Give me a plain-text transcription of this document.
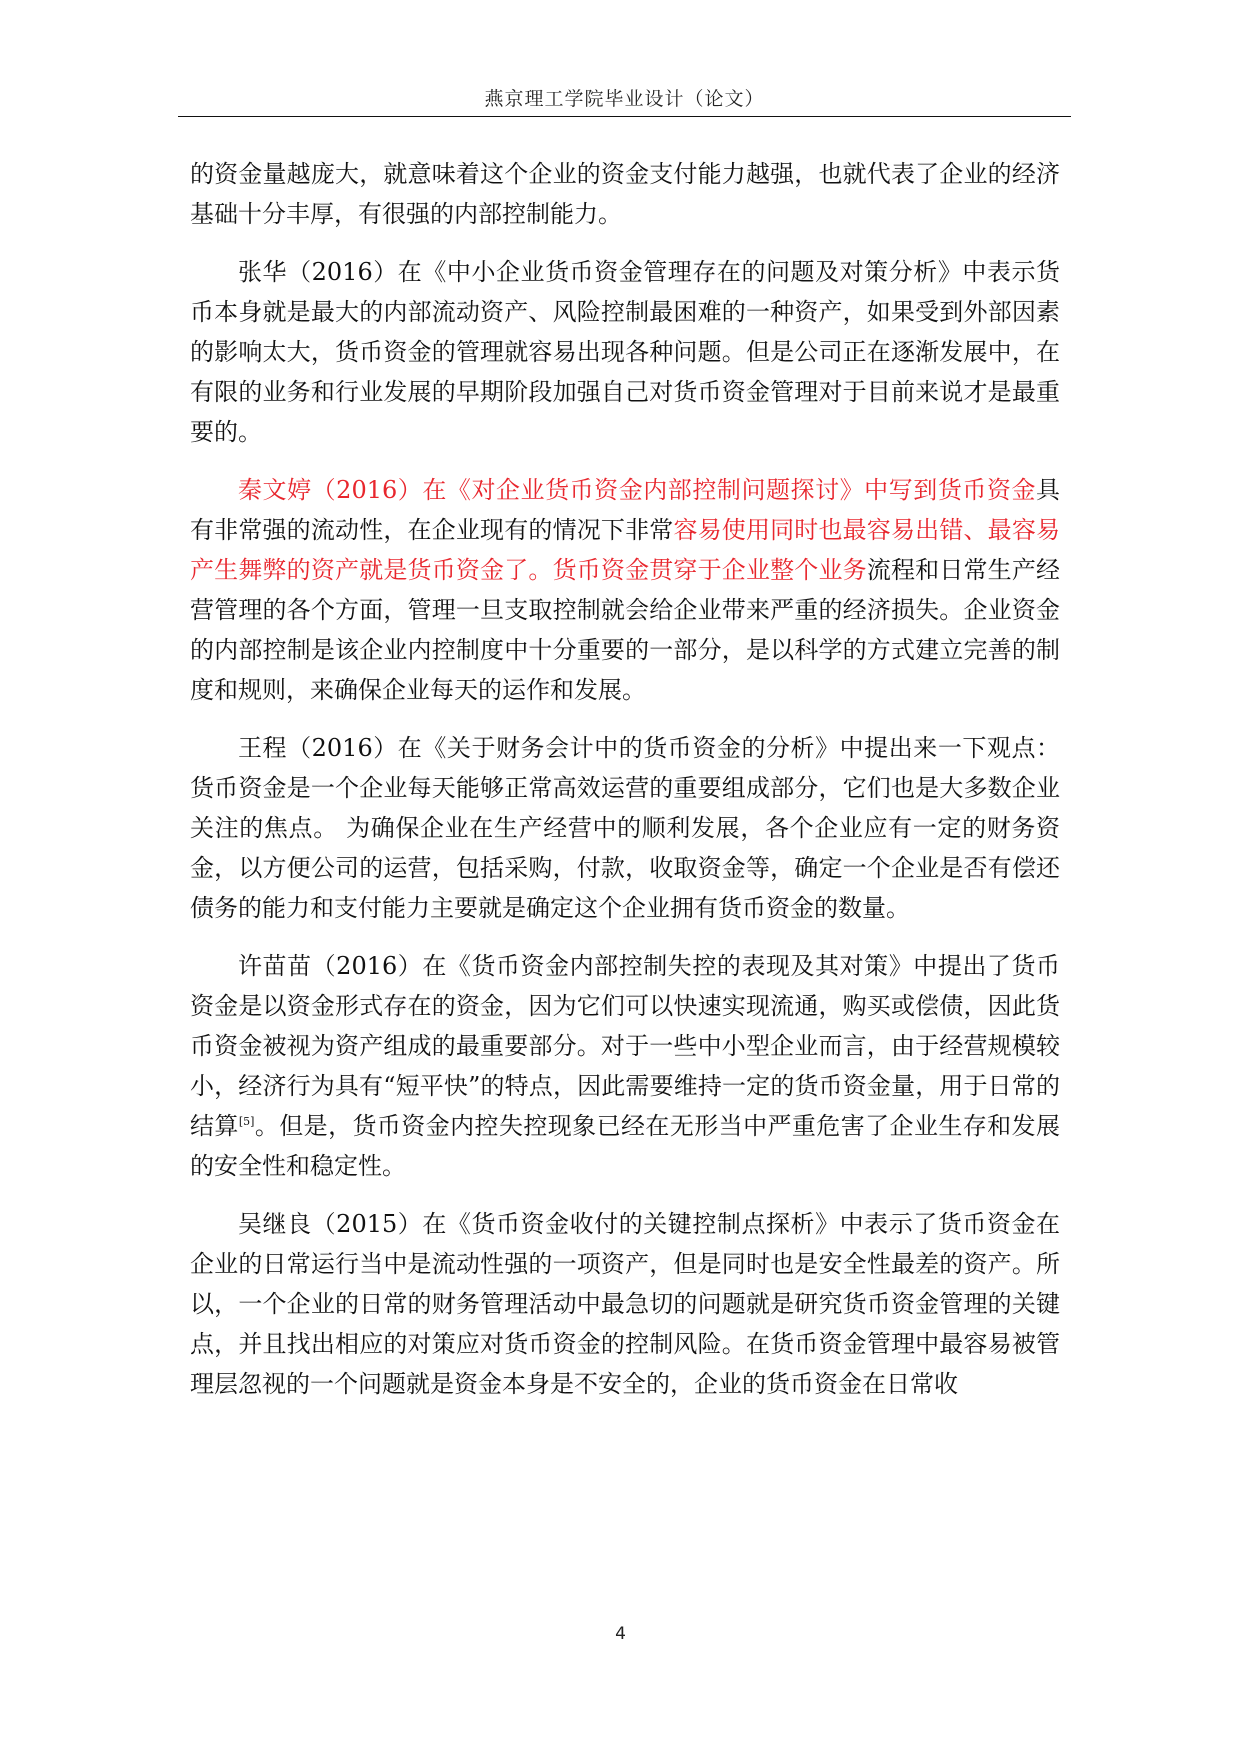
燕京理工学院毕业设计（论文）

的资金量越庞大，就意味着这个企业的资金支付能力越强，也就代表了企业的经济基础十分丰厚，有很强的内部控制能力。

张华（2016）在《中小企业货币资金管理存在的问题及对策分析》中表示货币本身就是最大的内部流动资产、风险控制最困难的一种资产，如果受到外部因素的影响太大，货币资金的管理就容易出现各种问题。但是公司正在逐渐发展中，在有限的业务和行业发展的早期阶段加强自己对货币资金管理对于目前来说才是最重要的。

秦文婷（2016）在《对企业货币资金内部控制问题探讨》中写到货币资金具有非常强的流动性，在企业现有的情况下非常容易使用同时也最容易出错、最容易产生舞弊的资产就是货币资金了。货币资金贯穿于企业整个业务流程和日常生产经营管理的各个方面，管理一旦支取控制就会给企业带来严重的经济损失。企业资金的内部控制是该企业内控制度中十分重要的一部分，是以科学的方式建立完善的制度和规则，来确保企业每天的运作和发展。

王程（2016）在《关于财务会计中的货币资金的分析》中提出来一下观点：货币资金是一个企业每天能够正常高效运营的重要组成部分，它们也是大多数企业关注的焦点。 为确保企业在生产经营中的顺利发展，各个企业应有一定的财务资金，以方便公司的运营，包括采购，付款，收取资金等，确定一个企业是否有偿还债务的能力和支付能力主要就是确定这个企业拥有货币资金的数量。

许苗苗（2016）在《货币资金内部控制失控的表现及其对策》中提出了货币资金是以资金形式存在的资金，因为它们可以快速实现流通，购买或偿债，因此货币资金被视为资产组成的最重要部分。对于一些中小型企业而言，由于经营规模较小，经济行为具有“短平快”的特点，因此需要维持一定的货币资金量，用于日常的结算[5]。但是，货币资金内控失控现象已经在无形当中严重危害了企业生存和发展的安全性和稳定性。

吴继良（2015）在《货币资金收付的关键控制点探析》中表示了货币资金在企业的日常运行当中是流动性强的一项资产，但是同时也是安全性最差的资产。所以，一个企业的日常的财务管理活动中最急切的问题就是研究货币资金管理的关键点，并且找出相应的对策应对货币资金的控制风险。在货币资金管理中最容易被管理层忽视的一个问题就是资金本身是不安全的，企业的货币资金在日常收

4
